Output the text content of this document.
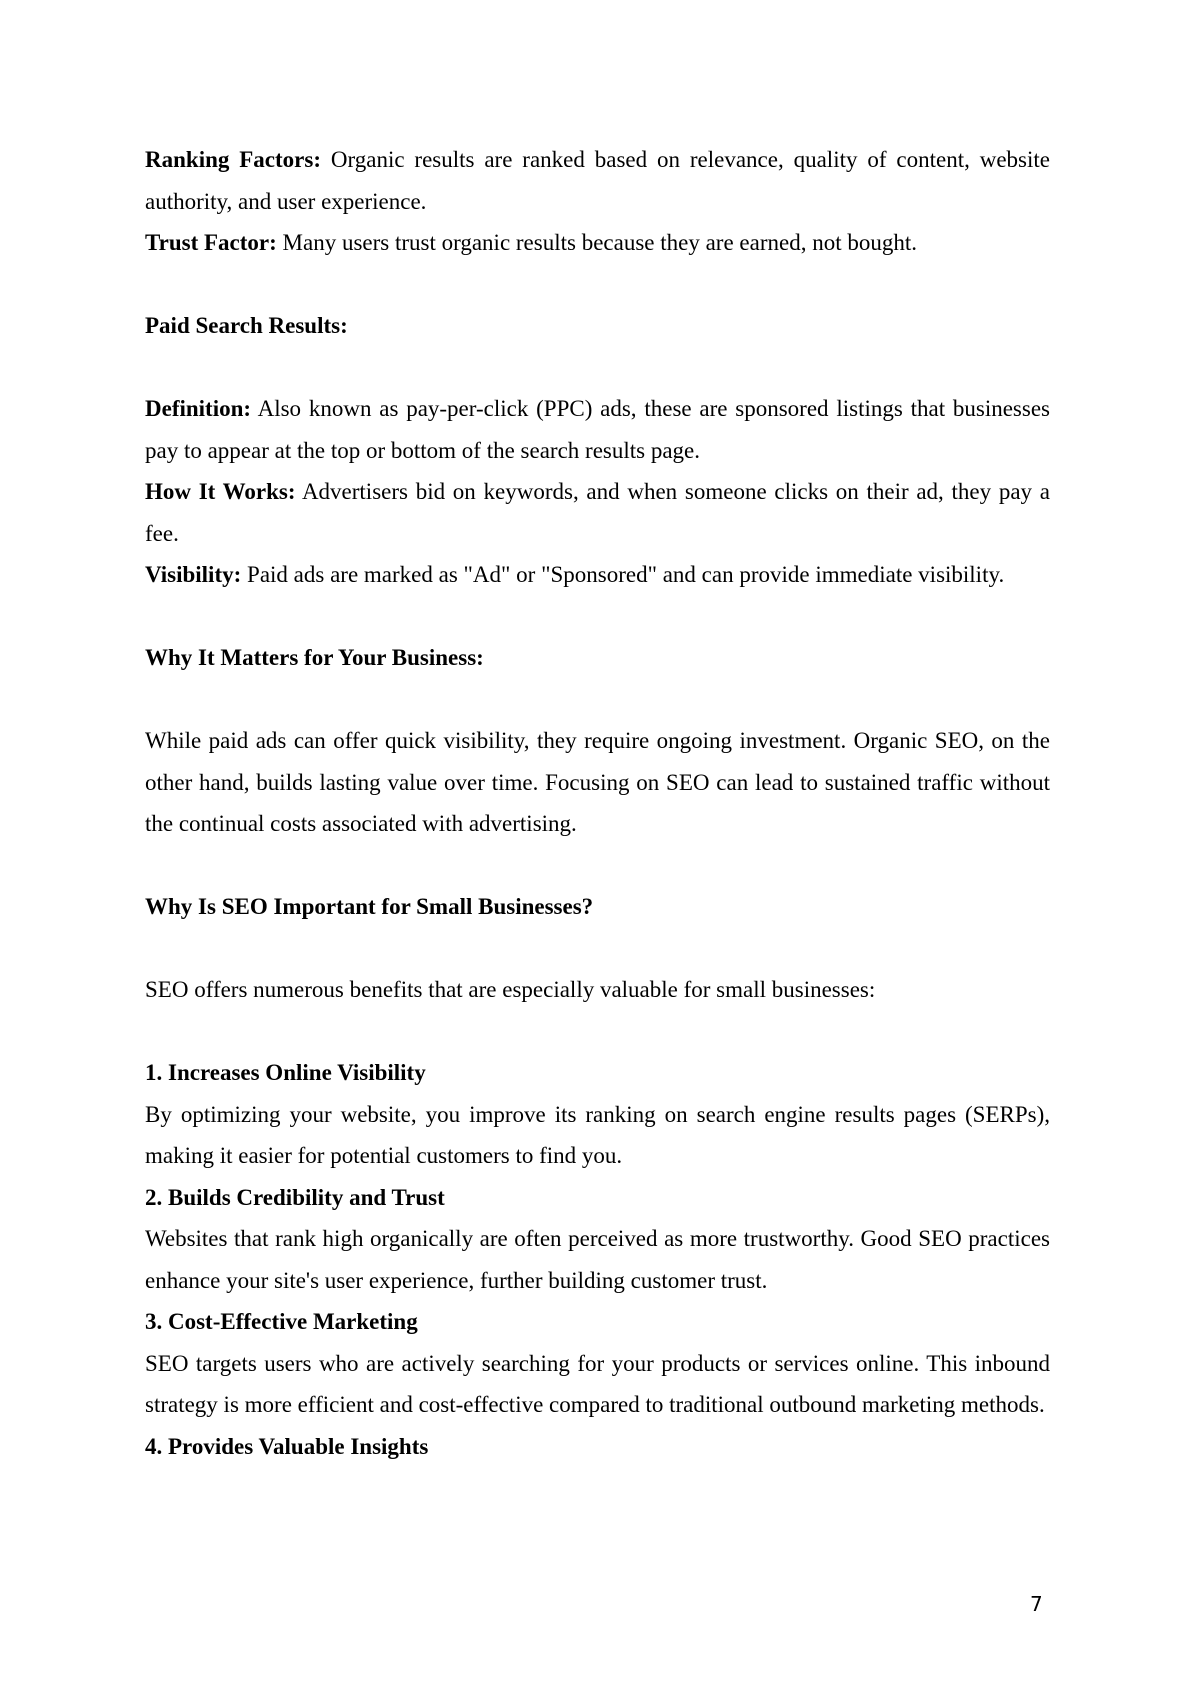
Ranking Factors: Organic results are ranked based on relevance, quality of content, website authority, and user experience.

Trust Factor: Many users trust organic results because they are earned, not bought.

Paid Search Results:

Definition: Also known as pay-per-click (PPC) ads, these are sponsored listings that businesses pay to appear at the top or bottom of the search results page.

How It Works: Advertisers bid on keywords, and when someone clicks on their ad, they pay a fee.

Visibility: Paid ads are marked as "Ad" or "Sponsored" and can provide immediate visibility.

Why It Matters for Your Business:

While paid ads can offer quick visibility, they require ongoing investment. Organic SEO, on the other hand, builds lasting value over time. Focusing on SEO can lead to sustained traffic without the continual costs associated with advertising.

Why Is SEO Important for Small Businesses?

SEO offers numerous benefits that are especially valuable for small businesses:

1. Increases Online Visibility

By optimizing your website, you improve its ranking on search engine results pages (SERPs), making it easier for potential customers to find you.

2. Builds Credibility and Trust

Websites that rank high organically are often perceived as more trustworthy. Good SEO practices enhance your site's user experience, further building customer trust.

3. Cost-Effective Marketing

SEO targets users who are actively searching for your products or services online. This inbound strategy is more efficient and cost-effective compared to traditional outbound marketing methods.

4. Provides Valuable Insights

7
